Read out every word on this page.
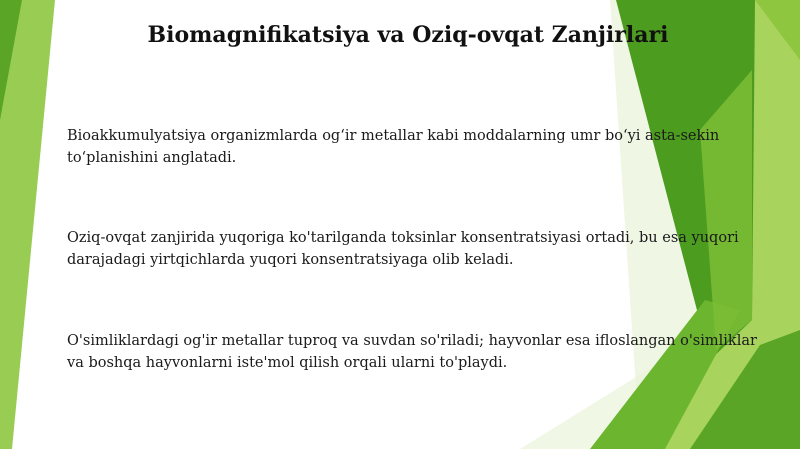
Biomagnifikatsiya va Oziq-ovqat Zanjirlari
Bioakkumulyatsiya organizmlarda og‘ir metallar kabi moddalarning umr bo‘yi asta-sekin to‘planishini anglatadi.
Oziq-ovqat zanjirida yuqoriga ko'tarilganda toksinlar konsentratsiyasi ortadi, bu esa yuqori darajadagi yirtqichlarda yuqori konsentratsiyaga olib keladi.
O'simliklardagi og'ir metallar tuproq va suvdan so'riladi; hayvonlar esa ifloslangan o'simliklar va boshqa hayvonlarni iste'mol qilish orqali ularni to'playdi.
